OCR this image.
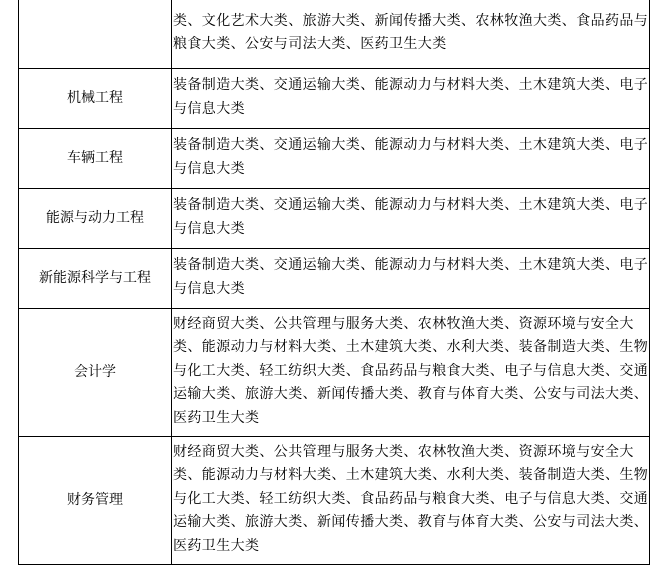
	类、文化艺术大类、旅游大类、新闻传播大类、农林牧渔大类、食品药品与粮食大类、公安与司法大类、医药卫生大类
机械工程	装备制造大类、交通运输大类、能源动力与材料大类、土木建筑大类、电子与信息大类
车辆工程	装备制造大类、交通运输大类、能源动力与材料大类、土木建筑大类、电子与信息大类
能源与动力工程	装备制造大类、交通运输大类、能源动力与材料大类、土木建筑大类、电子与信息大类
新能源科学与工程	装备制造大类、交通运输大类、能源动力与材料大类、土木建筑大类、电子与信息大类
会计学	财经商贸大类、公共管理与服务大类、农林牧渔大类、资源环境与安全大类、能源动力与材料大类、土木建筑大类、水利大类、装备制造大类、生物与化工大类、轻工纺织大类、食品药品与粮食大类、电子与信息大类、交通运输大类、旅游大类、新闻传播大类、教育与体育大类、公安与司法大类、医药卫生大类
财务管理	财经商贸大类、公共管理与服务大类、农林牧渔大类、资源环境与安全大类、能源动力与材料大类、土木建筑大类、水利大类、装备制造大类、生物与化工大类、轻工纺织大类、食品药品与粮食大类、电子与信息大类、交通运输大类、旅游大类、新闻传播大类、教育与体育大类、公安与司法大类、医药卫生大类
